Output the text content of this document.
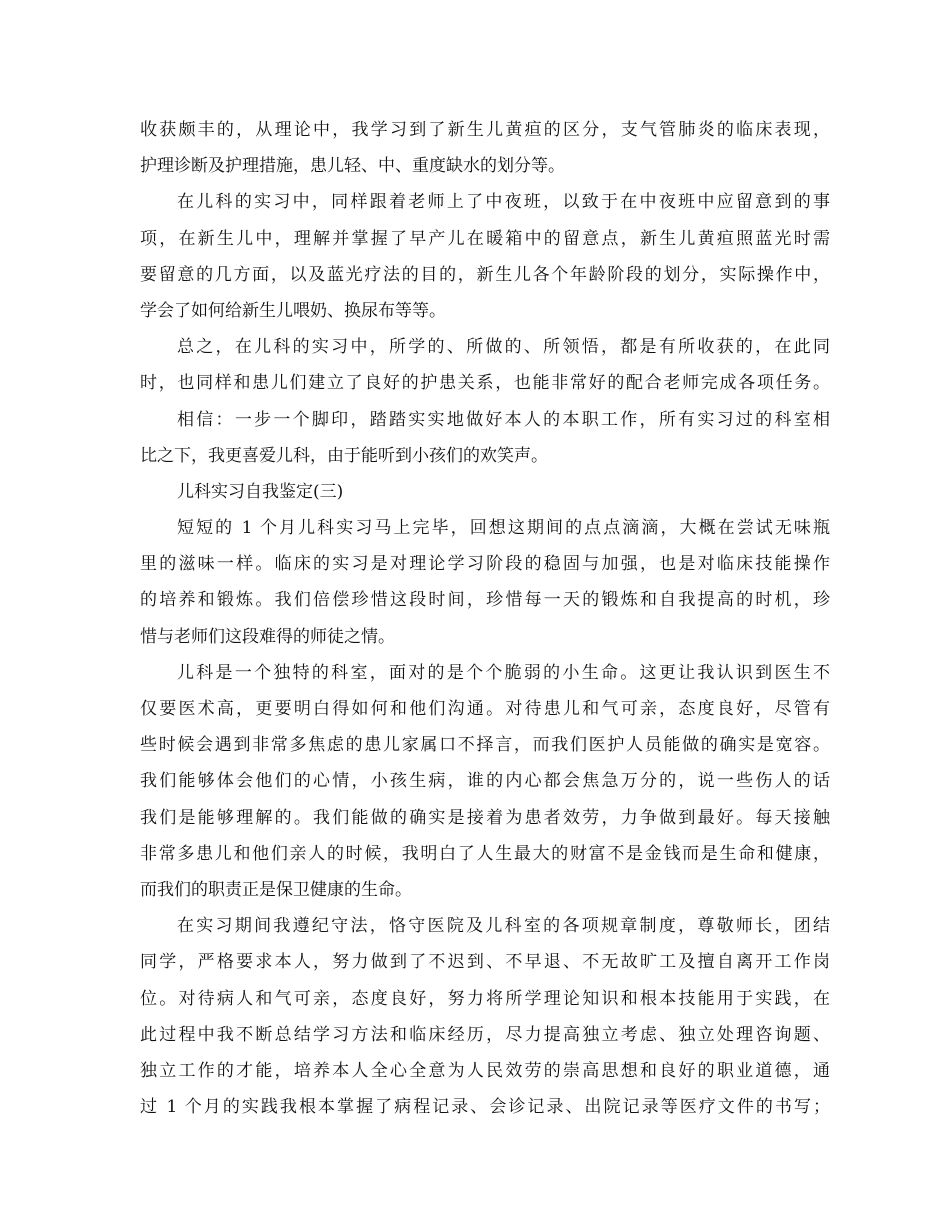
收获颇丰的，从理论中，我学习到了新生儿黄疸的区分，支气管肺炎的临床表现，
护理诊断及护理措施，患儿轻、中、重度缺水的划分等。
在儿科的实习中，同样跟着老师上了中夜班，以致于在中夜班中应留意到的事
项，在新生儿中，理解并掌握了早产儿在暖箱中的留意点，新生儿黄疸照蓝光时需
要留意的几方面，以及蓝光疗法的目的，新生儿各个年龄阶段的划分，实际操作中，
学会了如何给新生儿喂奶、换尿布等等。
总之，在儿科的实习中，所学的、所做的、所领悟，都是有所收获的，在此同
时，也同样和患儿们建立了良好的护患关系，也能非常好的配合老师完成各项任务。
相信：一步一个脚印，踏踏实实地做好本人的本职工作，所有实习过的科室相
比之下，我更喜爱儿科，由于能听到小孩们的欢笑声。
儿科实习自我鉴定(三)
短短的 1 个月儿科实习马上完毕，回想这期间的点点滴滴，大概在尝试无味瓶
里的滋味一样。临床的实习是对理论学习阶段的稳固与加强，也是对临床技能操作
的培养和锻炼。我们倍偿珍惜这段时间，珍惜每一天的锻炼和自我提高的时机，珍
惜与老师们这段难得的师徒之情。
儿科是一个独特的科室，面对的是个个脆弱的小生命。这更让我认识到医生不
仅要医术高，更要明白得如何和他们沟通。对待患儿和气可亲，态度良好，尽管有
些时候会遇到非常多焦虑的患儿家属口不择言，而我们医护人员能做的确实是宽容。
我们能够体会他们的心情，小孩生病，谁的内心都会焦急万分的，说一些伤人的话
我们是能够理解的。我们能做的确实是接着为患者效劳，力争做到最好。每天接触
非常多患儿和他们亲人的时候，我明白了人生最大的财富不是金钱而是生命和健康，
而我们的职责正是保卫健康的生命。
在实习期间我遵纪守法，恪守医院及儿科室的各项规章制度，尊敬师长，团结
同学，严格要求本人，努力做到了不迟到、不早退、不无故旷工及擅自离开工作岗
位。对待病人和气可亲，态度良好，努力将所学理论知识和根本技能用于实践，在
此过程中我不断总结学习方法和临床经历，尽力提高独立考虑、独立处理咨询题、
独立工作的才能，培养本人全心全意为人民效劳的崇高思想和良好的职业道德，通
过 1 个月的实践我根本掌握了病程记录、会诊记录、出院记录等医疗文件的书写；
